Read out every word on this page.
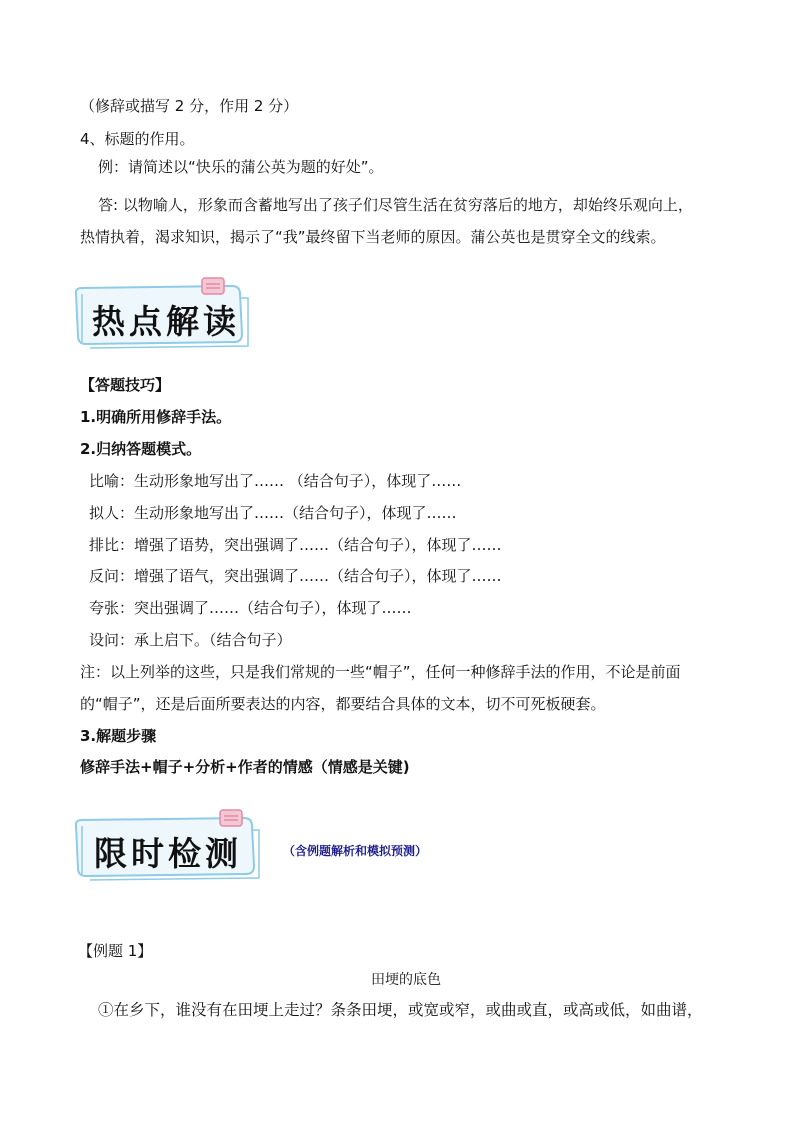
（修辞或描写 2 分，作用 2 分）
4、标题的作用。
例：请简述以“快乐的蒲公英为题的好处”。
答: 以物喻人，形象而含蓄地写出了孩子们尽管生活在贫穷落后的地方，却始终乐观向上，
热情执着，渴求知识，揭示了“我”最终留下当老师的原因。蒲公英也是贯穿全文的线索。
热点解读
【答题技巧】
1.明确所用修辞手法。
2.归纳答题模式。
比喻：生动形象地写出了…… （结合句子），体现了……
拟人：生动形象地写出了……（结合句子），体现了……
排比：增强了语势，突出强调了……（结合句子），体现了……
反问：增强了语气，突出强调了……（结合句子），体现了……
夸张：突出强调了……（结合句子），体现了……
设问：承上启下。（结合句子）
注：以上列举的这些，只是我们常规的一些“帽子”，任何一种修辞手法的作用，不论是前面
的“帽子”，还是后面所要表达的内容，都要结合具体的文本，切不可死板硬套。
3.解题步骤
修辞手法+帽子+分析+作者的情感（情感是关键)
限时检测	（含例题解析和模拟预测）
【例题 1】
田埂的底色
①在乡下，谁没有在田埂上走过？条条田埂，或宽或窄，或曲或直，或高或低，如曲谱，
